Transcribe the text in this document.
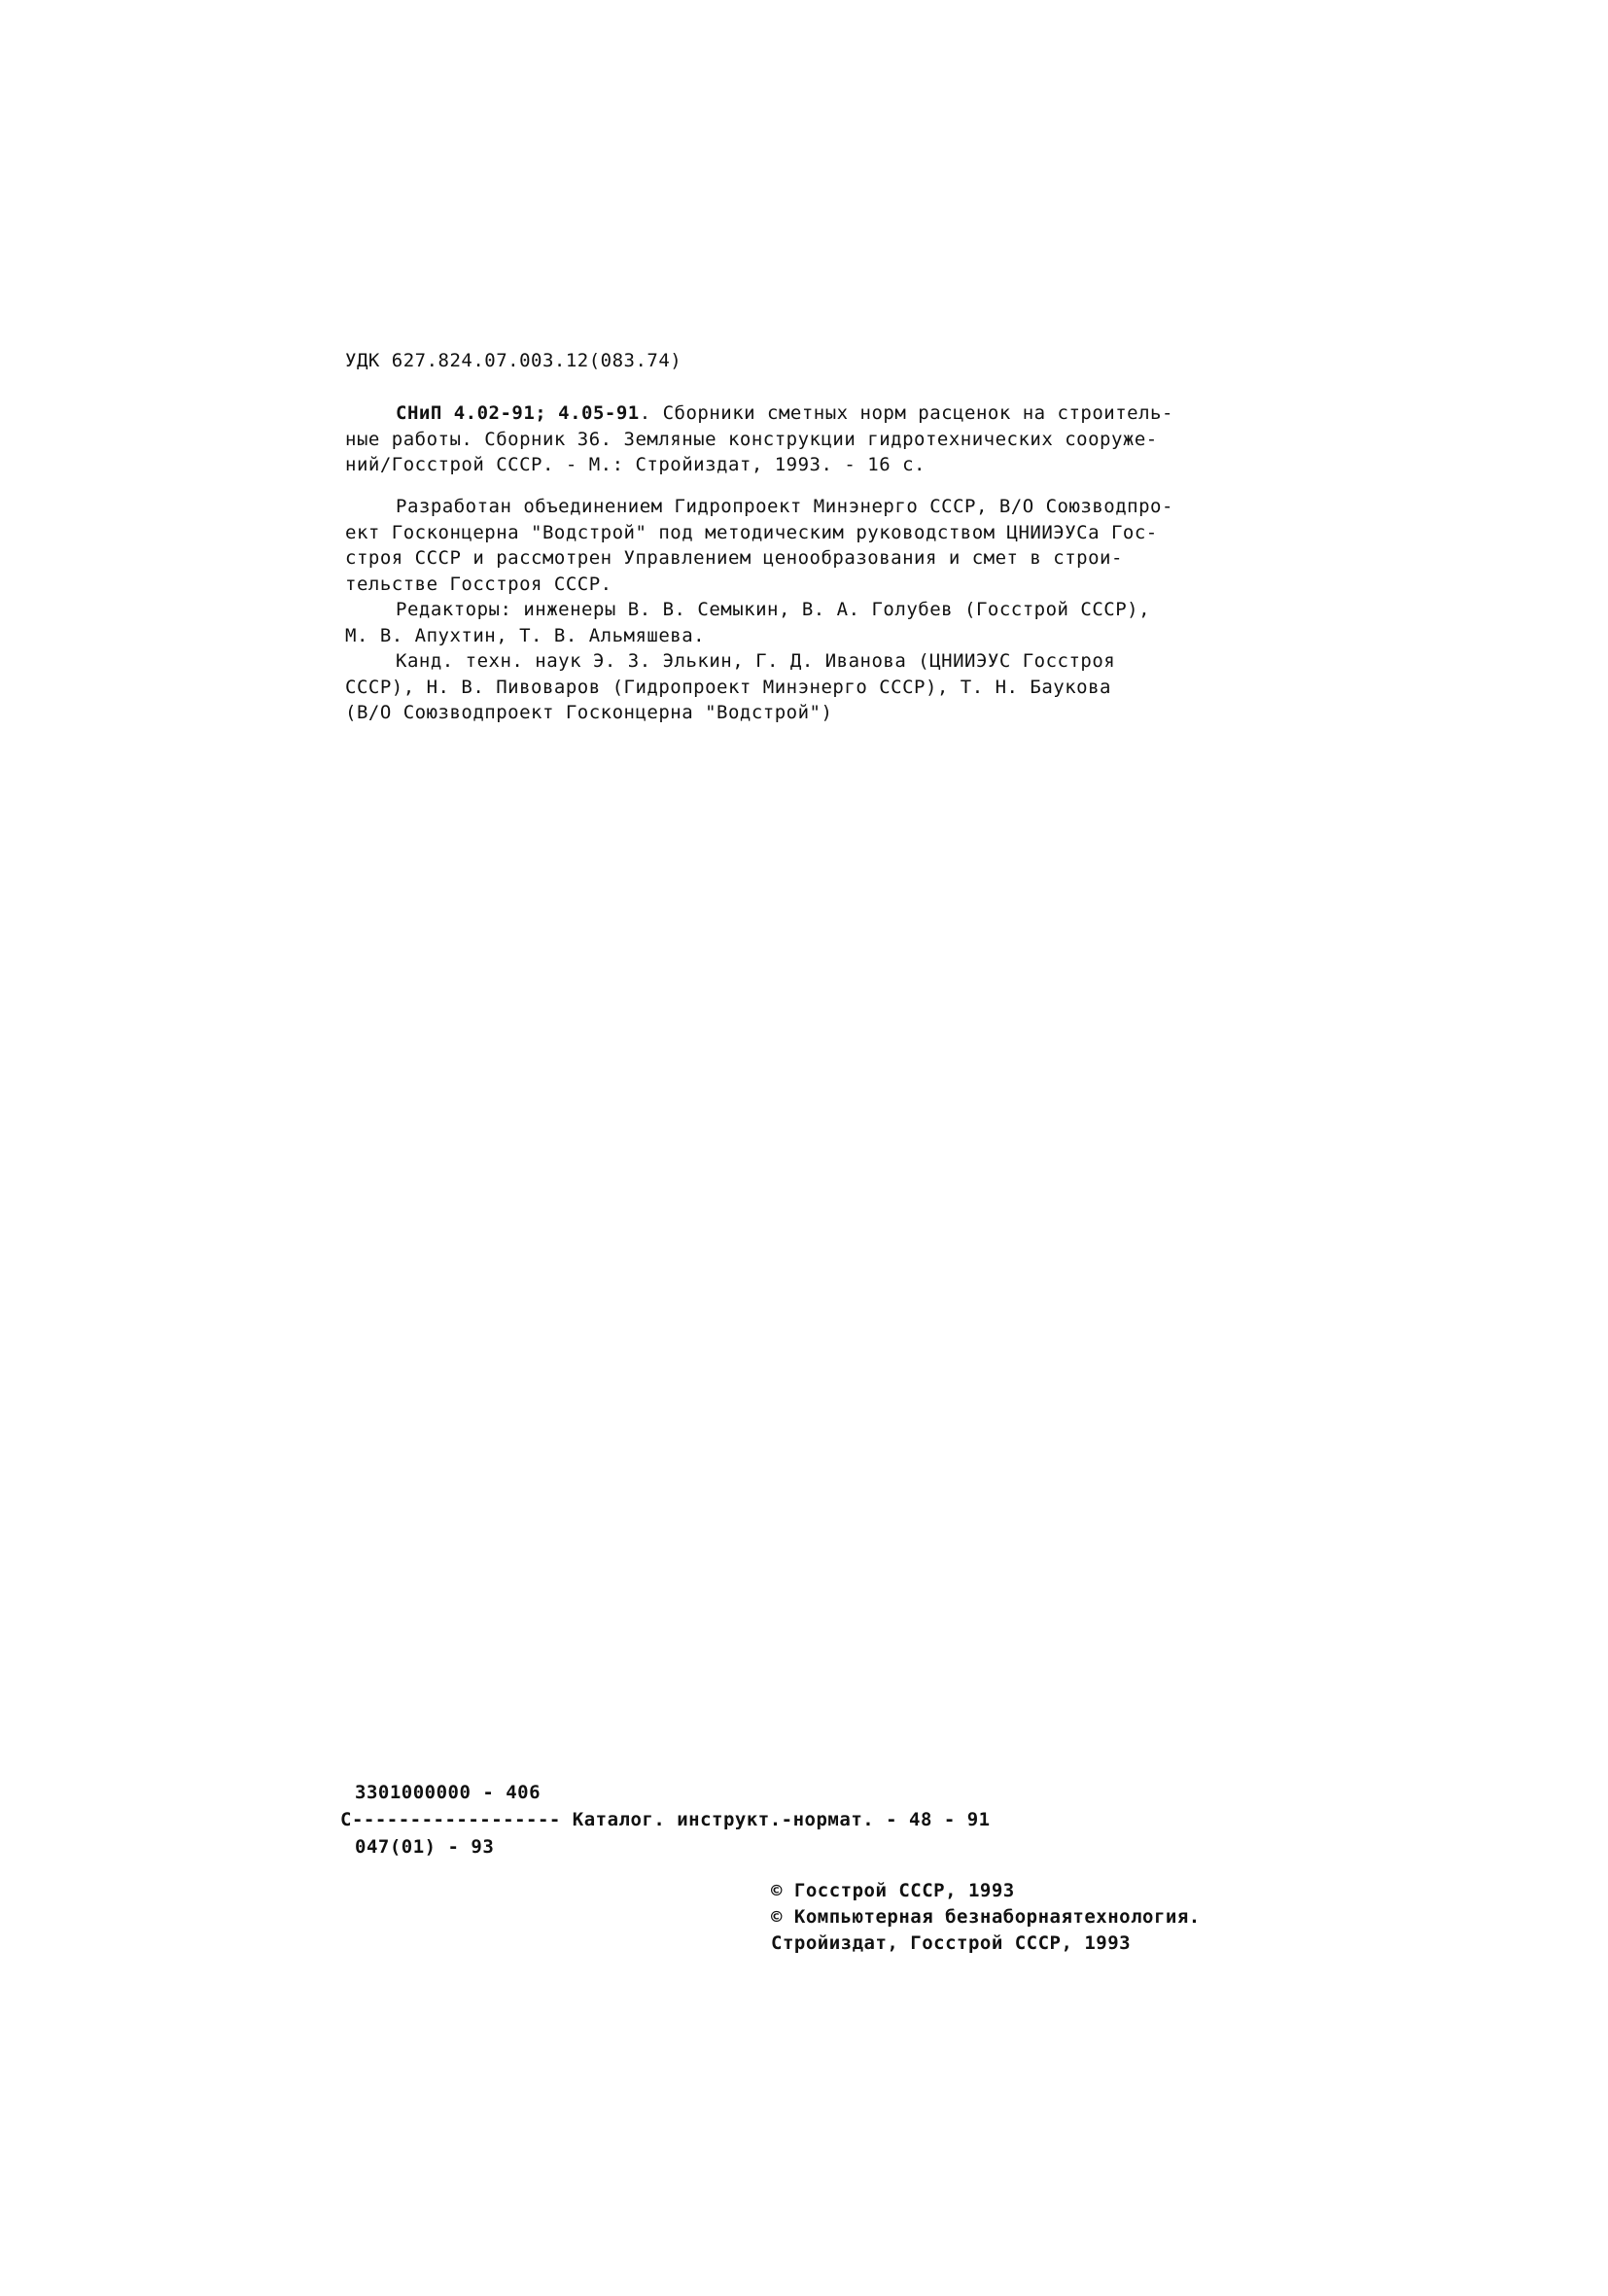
УДК 627.824.07.003.12(083.74)
СНиП 4.02-91; 4.05-91. Сборники сметных норм расценок на строитель-
ные работы. Сборник 36. Земляные конструкции гидротехнических сооруже-
ний/Госстрой СССР. - М.: Стройиздат, 1993. - 16 с.
Разработан объединением Гидропроект Минэнерго СССР, В/О Союзводпро-
ект Госконцерна "Водстрой" под методическим руководством ЦНИИЭУСа Гос-
строя СССР и рассмотрен Управлением ценообразования и смет в строи-
тельстве Госстроя СССР.
Редакторы: инженеры В. В. Семыкин, В. А. Голубев (Госстрой СССР),
М. В. Апухтин, Т. В. Альмяшева.
Канд. техн. наук Э. З. Элькин, Г. Д. Иванова (ЦНИИЭУС Госстроя
СССР), Н. В. Пивоваров (Гидропроект Минэнерго СССР), Т. Н. Баукова
(В/О Союзводпроект Госконцерна "Водстрой")
3301000000 - 406
С------------------ Каталог. инструкт.-нормат. - 48 - 91
047(01) - 93
© Госстрой СССР, 1993
© Компьютерная безнаборнаятехнология.
Стройиздат, Госстрой СССР, 1993
